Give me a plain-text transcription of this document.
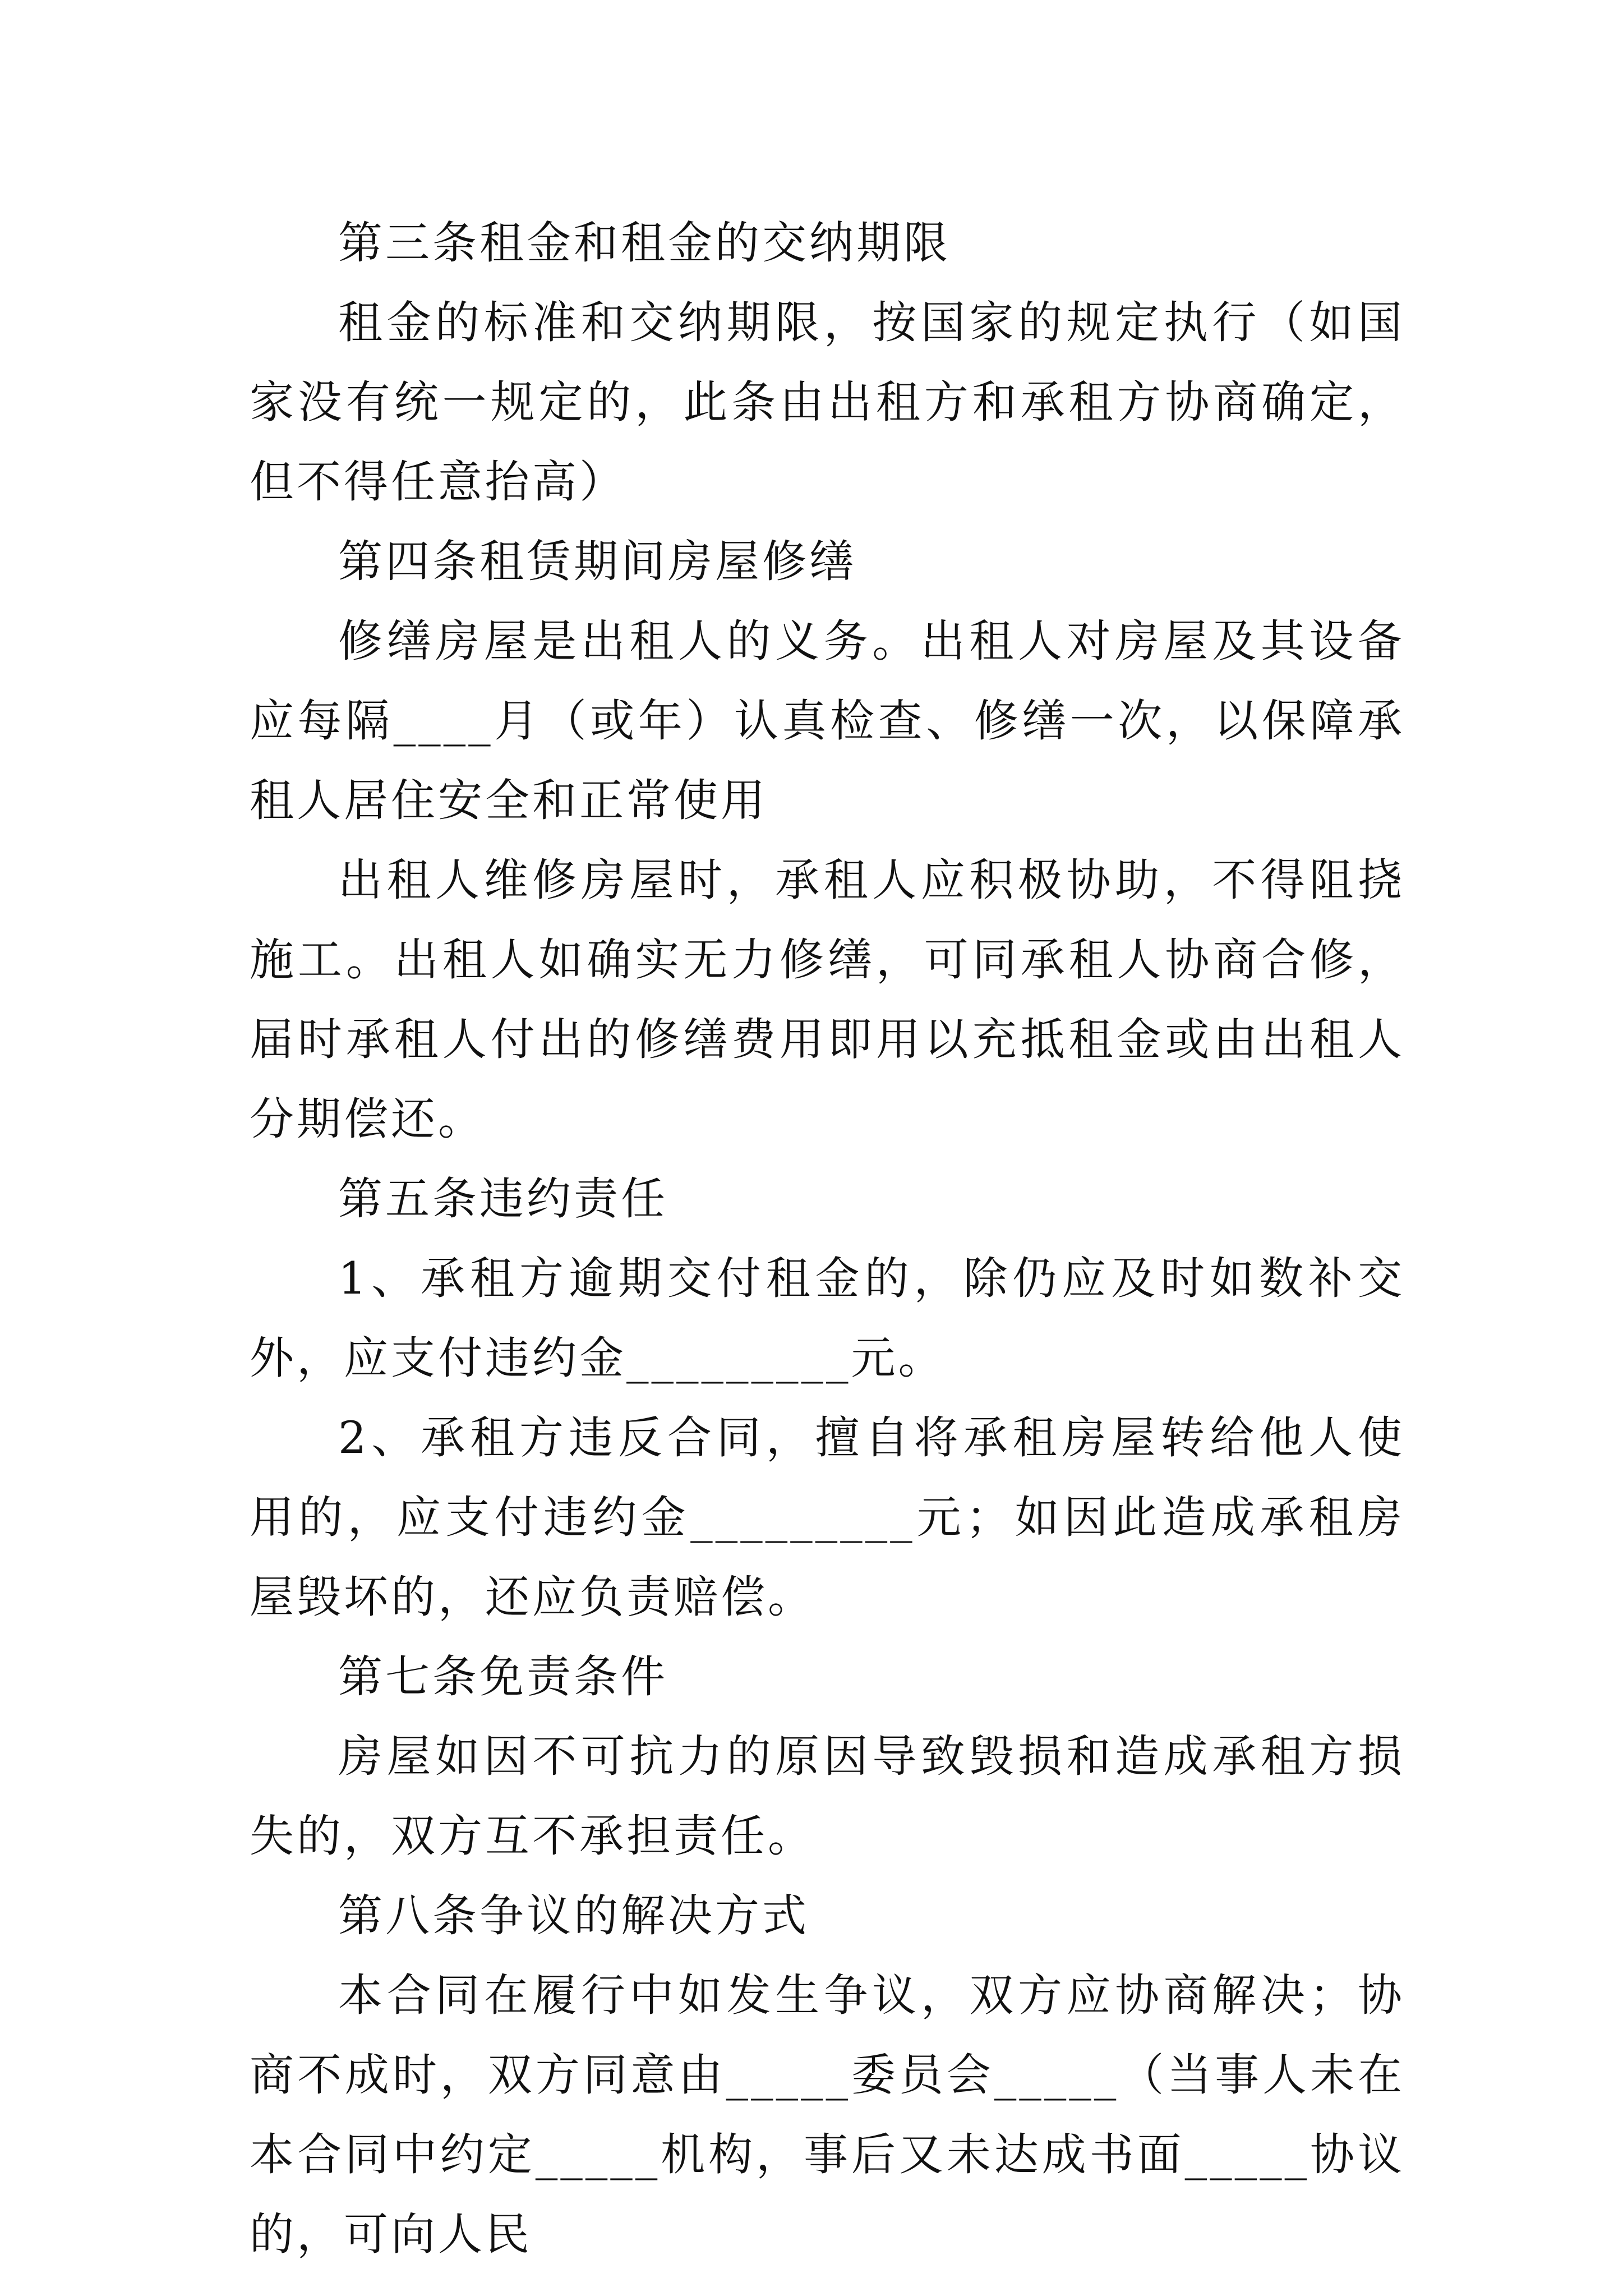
第三条租金和租金的交纳期限

租金的标准和交纳期限，按国家的规定执行（如国家没有统一规定的，此条由出租方和承租方协商确定，但不得任意抬高）

第四条租赁期间房屋修缮

修缮房屋是出租人的义务。出租人对房屋及其设备应每隔____月（或年）认真检查、修缮一次，以保障承租人居住安全和正常使用

出租人维修房屋时，承租人应积极协助，不得阻挠施工。出租人如确实无力修缮，可同承租人协商合修，届时承租人付出的修缮费用即用以充抵租金或由出租人分期偿还。

第五条违约责任

1、承租方逾期交付租金的，除仍应及时如数补交外，应支付违约金_________元。

2、承租方违反合同，擅自将承租房屋转给他人使用的，应支付违约金_________元；如因此造成承租房屋毁坏的，还应负责赔偿。

第七条免责条件

房屋如因不可抗力的原因导致毁损和造成承租方损失的，双方互不承担责任。

第八条争议的解决方式

本合同在履行中如发生争议，双方应协商解决；协商不成时，双方同意由_____委员会_____（当事人未在本合同中约定_____机构，事后又未达成书面_____协议的，可向人民
